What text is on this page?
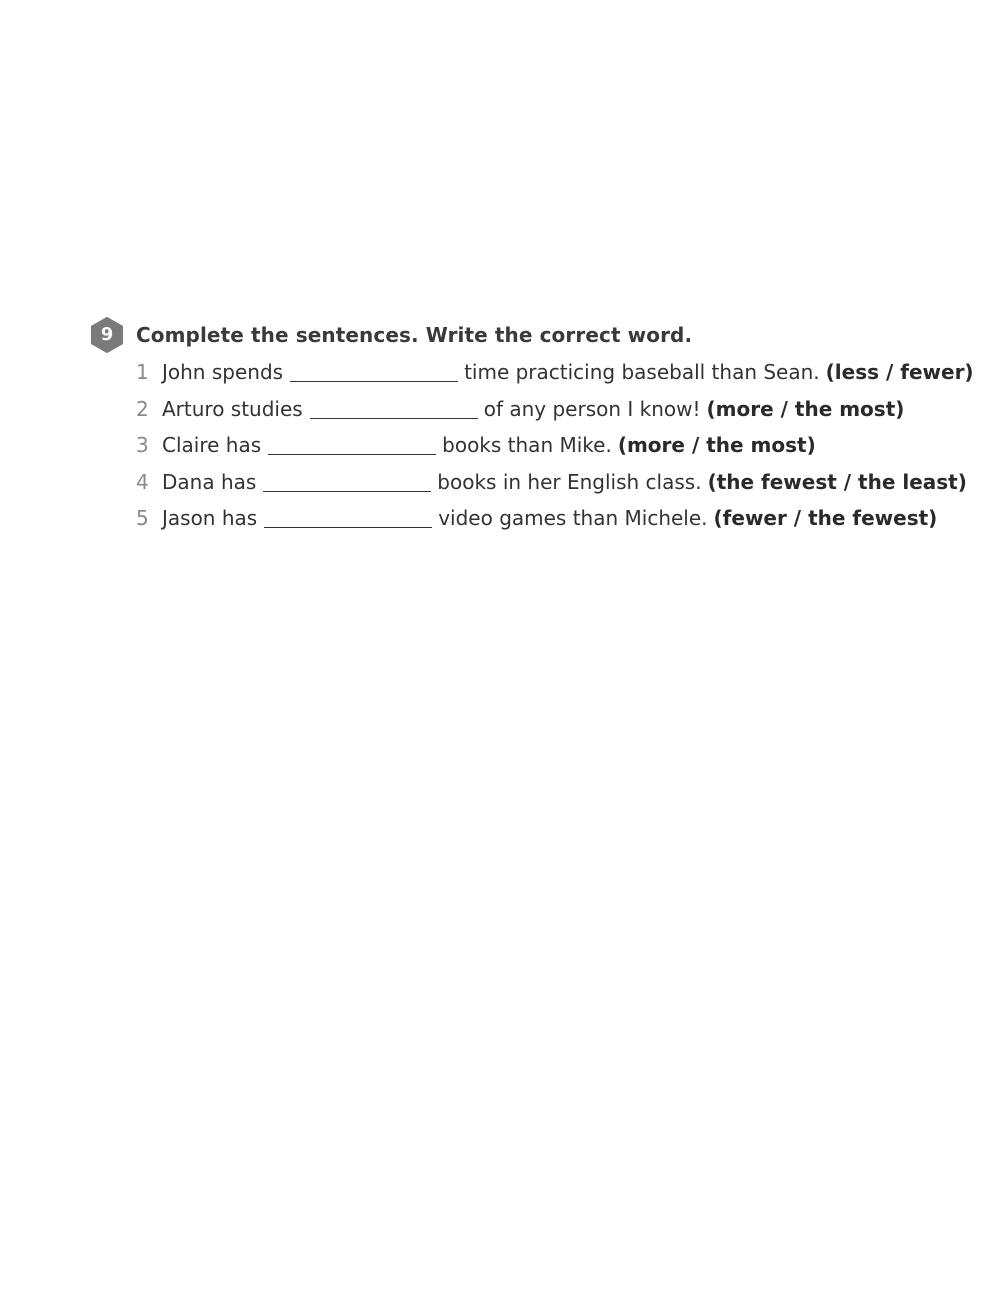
9	Complete the sentences. Write the correct word.
1 John spends	time practicing baseball than Sean. (less / fewer)
2 Arturo studies	of any person I know! (more / the most)
3 Claire has	books than Mike. (more / the most)
4 Dana has	books in her English class. (the fewest / the least)
5 Jason has	video games than Michele. (fewer / the fewest)
